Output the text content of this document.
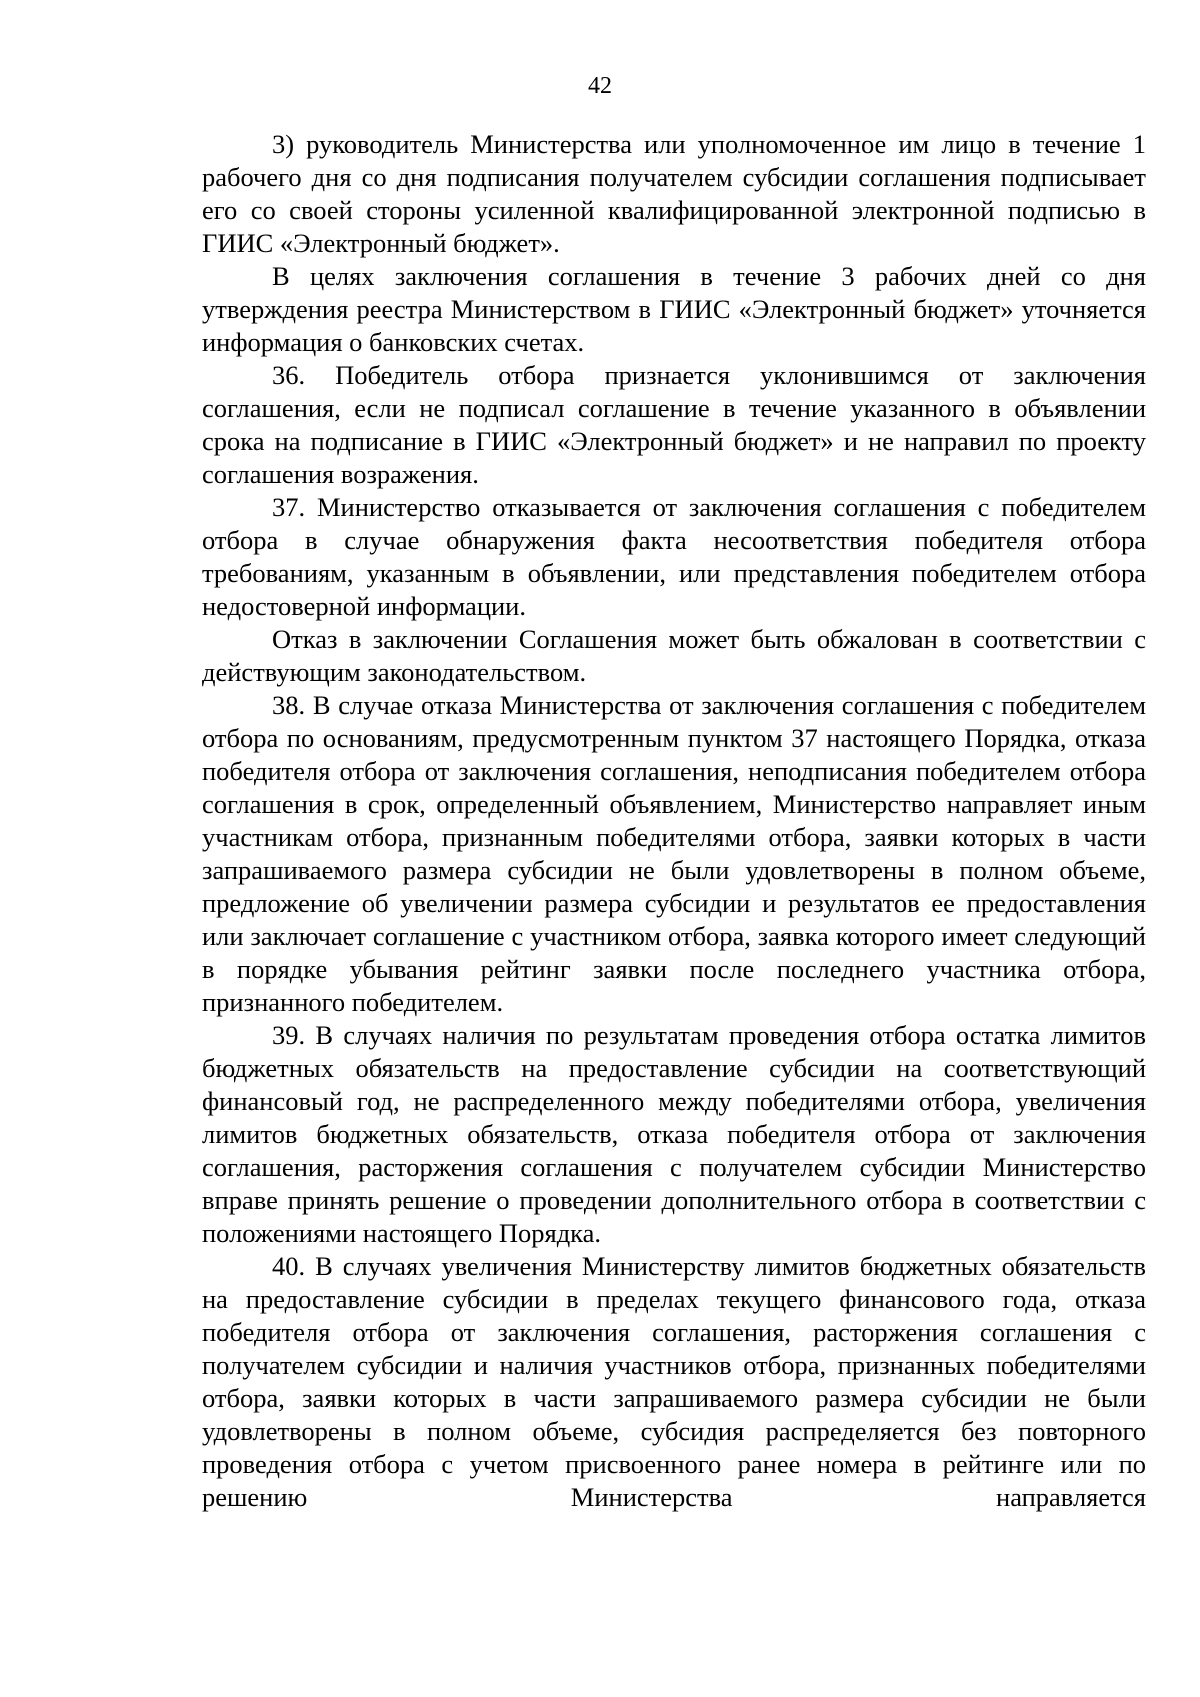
42

3) руководитель Министерства или уполномоченное им лицо в течение 1 рабочего дня со дня подписания получателем субсидии соглашения подписывает его со своей стороны усиленной квалифицированной электронной подписью в ГИИС «Электронный бюджет».

В целях заключения соглашения в течение 3 рабочих дней со дня утверждения реестра Министерством в ГИИС «Электронный бюджет» уточняется информация о банковских счетах.

36. Победитель отбора признается уклонившимся от заключения соглашения, если не подписал соглашение в течение указанного в объявлении срока на подписание в ГИИС «Электронный бюджет» и не направил по проекту соглашения возражения.

37. Министерство отказывается от заключения соглашения с победителем отбора в случае обнаружения факта несоответствия победителя отбора требованиям, указанным в объявлении, или представления победителем отбора недостоверной информации.

Отказ в заключении Соглашения может быть обжалован в соответствии с действующим законодательством.

38. В случае отказа Министерства от заключения соглашения с победителем отбора по основаниям, предусмотренным пунктом 37 настоящего Порядка, отказа победителя отбора от заключения соглашения, неподписания победителем отбора соглашения в срок, определенный объявлением, Министерство направляет иным участникам отбора, признанным победителями отбора, заявки которых в части запрашиваемого размера субсидии не были удовлетворены в полном объеме, предложение об увеличении размера субсидии и результатов ее предоставления или заключает соглашение с участником отбора, заявка которого имеет следующий в порядке убывания рейтинг заявки после последнего участника отбора, признанного победителем.

39. В случаях наличия по результатам проведения отбора остатка лимитов бюджетных обязательств на предоставление субсидии на соответствующий финансовый год, не распределенного между победителями отбора, увеличения лимитов бюджетных обязательств, отказа победителя отбора от заключения соглашения, расторжения соглашения с получателем субсидии Министерство вправе принять решение о проведении дополнительного отбора в соответствии с положениями настоящего Порядка.

40. В случаях увеличения Министерству лимитов бюджетных обязательств на предоставление субсидии в пределах текущего финансового года, отказа победителя отбора от заключения соглашения, расторжения соглашения с получателем субсидии и наличия участников отбора, признанных победителями отбора, заявки которых в части запрашиваемого размера субсидии не были удовлетворены в полном объеме, субсидия распределяется без повторного проведения отбора с учетом присвоенного ранее номера в рейтинге или по решению Министерства направляется
